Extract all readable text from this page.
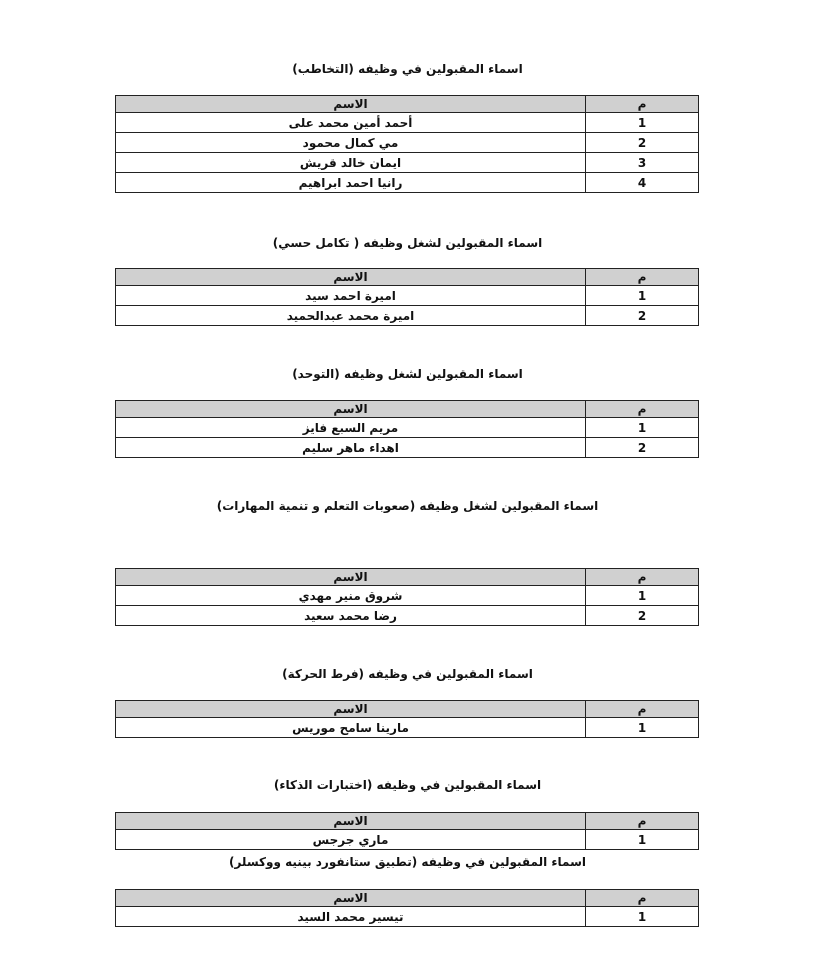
اسماء المقبولين في وظيفه (التخاطب)
الاسم	م
أحمد أمين محمد على	1
مي كمال محمود	2
ايمان خالد قريش	3
رانيا احمد ابراهيم	4
اسماء المقبولين لشغل وظيفه ( تكامل حسي)
الاسم	م
اميرة احمد سيد	1
اميرة محمد عبدالحميد	2
اسماء المقبولين لشغل وظيفه (التوحد)
الاسم	م
مريم السبع فايز	1
اهداء ماهر سليم	2
اسماء المقبولين لشغل وظيفه (صعوبات التعلم و تنمية المهارات)
الاسم	م
شروق منير مهدي	1
رضا محمد سعيد	2
اسماء المقبولين في وظيفه (فرط الحركة)
الاسم	م
مارينا سامح موريس	1
اسماء المقبولين في وظيفه (اختبارات الذكاء)
الاسم	م
ماري جرجس	1
اسماء المقبولين في وظيفه (تطبيق ستانفورد بينيه ووكسلر)
الاسم	م
تيسير محمد السيد	1
